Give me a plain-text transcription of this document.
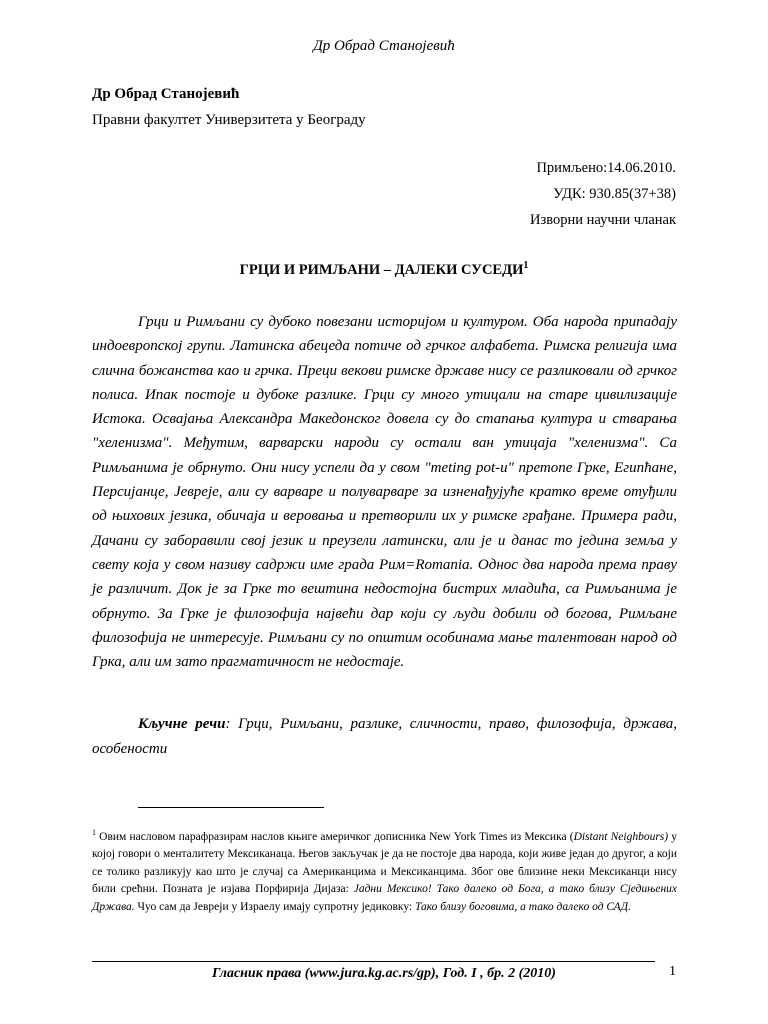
Др Обрад Станојевић
Др Обрад Станојевић
Правни факултет Универзитета у Београду
Примљено:14.06.2010.
УДК: 930.85(37+38)
Изворни научни чланак
ГРЦИ И РИМЉАНИ – ДАЛЕКИ СУСЕДИ$^1$

Грци и Римљани су дубоко повезани историјом и културом. Оба народа припадају индоевропској групи. Латинска абецеда потиче од грчког алфабета. Римска религија има слична божанства као и грчка. Преци векови римске државе нису се разликовали од грчког полиса. Ипак постоје и дубоке разлике. Грци су много утицали на старе цивилизације Истока. Освајања Александра Македонског довела су до стапања култура и стварања "хеленизма". Међутим, варварски народи су остали ван утицаја "хеленизма". Са Римљанима је обрнуто. Они нису успели да у свом "meting pot-u" претопе Грке, Египћане, Персијанце, Јевреје, али су варваре и полуварваре за изненађујуће кратко време отуђили од њихових језика, обичаја и веровања и претворили их у римске грађане. Примера ради, Дачани су заборавили свој језик и преузели латински, али је и данас то једина земља у свету која у свом називу садржи име града Рим=Romania. Однос два народа према праву је различит. Док је за Грке то вештина недостојна бистрих младића, са Римљанима је обрнуто. За Грке је филозофија највећи дар који су људи добили од богова, Римљане филозофија не интересује. Римљани су по општим особинама мање талентован народ од Грка, али им зато прагматичност не недостаје.

Кључне речи: Грци, Римљани, разлике, сличности, право, филозофија, држава, особености

$^1$ Овим насловом парафразирам наслов књиге америчког дописника New York Times из Мексика (Distant Neighbours) у којој говори о менталитету Мексиканаца. Његов закључак је да не постоје два народа, који живе један до другог, а који се толико разликују као што је случај са Американцима и Мексиканцима. Због ове близине неки Мексиканци нису били срећни. Позната је изјава Порфирија Дијаза: Јадни Мексико! Тако далеко од Бога, а тако близу Сједињених Држава. Чуо сам да Јевреји у Израелу имају супротну једиковку: Тако близу боговима, а тако далеко од САД.

Гласник права (www.jura.kg.ac.rs/gp), Год. I , бр. 2 (2010)	1
